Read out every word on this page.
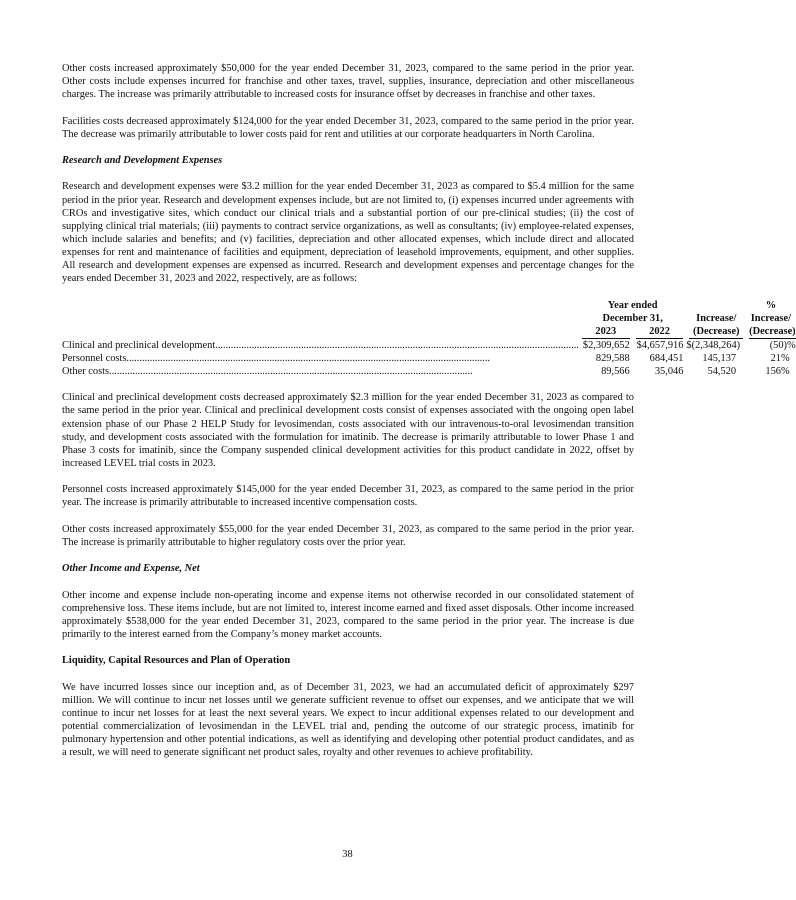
Other costs increased approximately $50,000 for the year ended December 31, 2023, compared to the same period in the prior year. Other costs include expenses incurred for franchise and other taxes, travel, supplies, insurance, depreciation and other miscellaneous charges. The increase was primarily attributable to increased costs for insurance offset by decreases in franchise and other taxes.

Facilities costs decreased approximately $124,000 for the year ended December 31, 2023, compared to the same period in the prior year. The decrease was primarily attributable to lower costs paid for rent and utilities at our corporate headquarters in North Carolina.

Research and Development Expenses

Research and development expenses were $3.2 million for the year ended December 31, 2023 as compared to $5.4 million for the same period in the prior year. Research and development expenses include, but are not limited to, (i) expenses incurred under agreements with CROs and investigative sites, which conduct our clinical trials and a substantial portion of our pre-clinical studies; (ii) the cost of supplying clinical trial materials; (iii) payments to contract service organizations, as well as consultants; (iv) employee-related expenses, which include salaries and benefits; and (v) facilities, depreciation and other allocated expenses, which include direct and allocated expenses for rent and maintenance of facilities and equipment, depreciation of leasehold improvements, equipment, and other supplies. All research and development expenses are expensed as incurred. Research and development expenses and percentage changes for the years ended December 31, 2023 and 2022, respectively, are as follows:

	Year ended			%
	December 31,		Increase/	Increase/

	2023	2022	(Decrease)	(Decrease)

Clinical and preclinical development ............................................................................................................................................	$ 2,309,652	$ 4,657,916	$(2,348,264)	(50)%

Personnel costs ............................................................................................................................................	829,588	684,451	145,137	21%

Other costs ............................................................................................................................................	89,566	35,046	54,520	156%

Clinical and preclinical development costs decreased approximately $2.3 million for the year ended December 31, 2023 as compared to the same period in the prior year. Clinical and preclinical development costs consist of expenses associated with the ongoing open label extension phase of our Phase 2 HELP Study for levosimendan, costs associated with our intravenous-to-oral levosimendan transition study, and development costs associated with the formulation for imatinib. The decrease is primarily attributable to lower Phase 1 and Phase 3 costs for imatinib, since the Company suspended clinical development activities for this product candidate in 2022, offset by increased LEVEL trial costs in 2023.

Personnel costs increased approximately $145,000 for the year ended December 31, 2023, as compared to the same period in the prior year. The increase is primarily attributable to increased incentive compensation costs.

Other costs increased approximately $55,000 for the year ended December 31, 2023, as compared to the same period in the prior year. The increase is primarily attributable to higher regulatory costs over the prior year.

Other Income and Expense, Net

Other income and expense include non-operating income and expense items not otherwise recorded in our consolidated statement of comprehensive loss. These items include, but are not limited to, interest income earned and fixed asset disposals. Other income increased approximately $538,000 for the year ended December 31, 2023, compared to the same period in the prior year. The increase is due primarily to the interest earned from the Company’s money market accounts.

Liquidity, Capital Resources and Plan of Operation

We have incurred losses since our inception and, as of December 31, 2023, we had an accumulated deficit of approximately $297 million. We will continue to incur net losses until we generate sufficient revenue to offset our expenses, and we anticipate that we will continue to incur net losses for at least the next several years. We expect to incur additional expenses related to our development and potential commercialization of levosimendan in the LEVEL trial and, pending the outcome of our strategic process, imatinib for pulmonary hypertension and other potential indications, as well as identifying and developing other potential product candidates, and as a result, we will need to generate significant net product sales, royalty and other revenues to achieve profitability.

38
